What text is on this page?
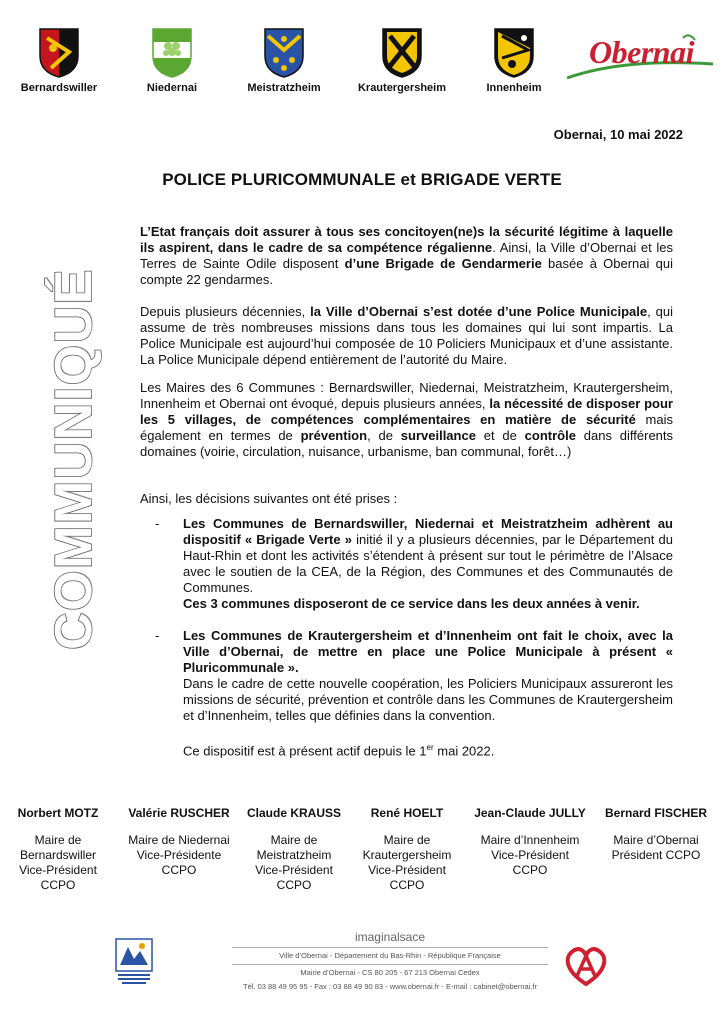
Bernardswiller	Niedernai	Meistratzheim	Krautergersheim	Innenheim
Obernai
Obernai, 10 mai 2022
POLICE PLURICOMMUNALE et BRIGADE VERTE
COMMUNIQUÉ
L’Etat français doit assurer à tous ses concitoyen(ne)s la sécurité légitime à laquelle ils aspirent, dans le cadre de sa compétence régalienne. Ainsi, la Ville d’Obernai et les Terres de Sainte Odile disposent d’une Brigade de Gendarmerie basée à Obernai qui compte 22 gendarmes.
Depuis plusieurs décennies, la Ville d’Obernai s’est dotée d’une Police Municipale, qui assume de très nombreuses missions dans tous les domaines qui lui sont impartis. La Police Municipale est aujourd’hui composée de 10 Policiers Municipaux et d’une assistante. La Police Municipale dépend entièrement de l’autorité du Maire.
Les Maires des 6 Communes : Bernardswiller, Niedernai, Meistratzheim, Krautergersheim, Innenheim et Obernai ont évoqué, depuis plusieurs années, la nécessité de disposer pour les 5 villages, de compétences complémentaires en matière de sécurité mais également en termes de prévention, de surveillance et de contrôle dans différents domaines (voirie, circulation, nuisance, urbanisme, ban communal, forêt…)
Ainsi, les décisions suivantes ont été prises :
- Les Communes de Bernardswiller, Niedernai et Meistratzheim adhèrent au dispositif « Brigade Verte » initié il y a plusieurs décennies, par le Département du Haut-Rhin et dont les activités s’étendent à présent sur tout le périmètre de l’Alsace avec le soutien de la CEA, de la Région, des Communes et des Communautés de Communes.
Ces 3 communes disposeront de ce service dans les deux années à venir.
- Les Communes de Krautergersheim et d’Innenheim ont fait le choix, avec la Ville d’Obernai, de mettre en place une Police Municipale à présent « Pluricommunale ».
Dans le cadre de cette nouvelle coopération, les Policiers Municipaux assureront les missions de sécurité, prévention et contrôle dans les Communes de Krautergersheim et d’Innenheim, telles que définies dans la convention.
Ce dispositif est à présent actif depuis le 1er mai 2022.
Norbert MOTZ
Maire de
Bernardswiller
Vice-Président
CCPO
Valérie RUSCHER
Maire de Niedernai
Vice-Présidente
CCPO
Claude KRAUSS
Maire de
Meistratzheim
Vice-Président
CCPO
René HOELT
Maire de
Krautergersheim
Vice-Président
CCPO
Jean-Claude JULLY
Maire d’Innenheim
Vice-Président
CCPO
Bernard FISCHER
Maire d’Obernai
Président CCPO
imaginalsace
Ville d’Obernai - Département du Bas-Rhin - République Française
Mairie d’Obernai - CS 80 205 - 67 213 Obernai Cedex
Tél. 03 88 49 95 95 - Fax : 03 88 49 90 83 - www.obernai.fr - E-mail : cabinet@obernai.fr
